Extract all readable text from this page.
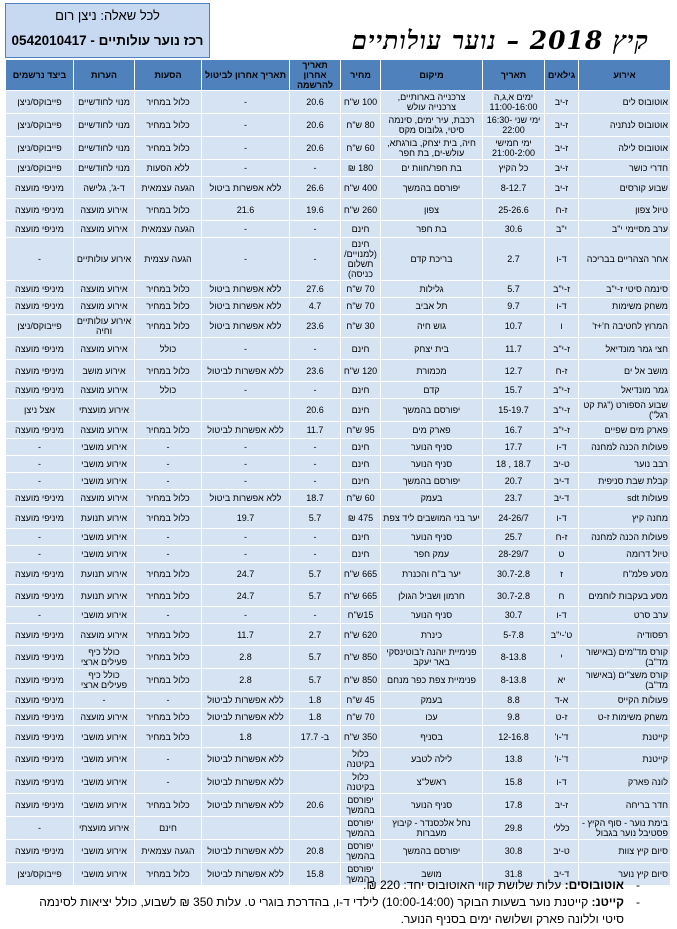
קיץ 2018 – נוער עולותיים
לכל שאלה: ניצן רום
רכז נוער עולותיים - 0542010417
אירוע	גילאים	תאריך	מיקום	מחיר	תאריך אחרון להרשמה	תאריך אחרון לביטול	הסעות	הערות	ביצד נרשמים
אוטובוס לים	ז-יב	ימים א,ג,ה 11:00-16:00	צרכנייה בארותיים, צרכנייה עולש	100 ש"ח	20.6	-	כלול במחיר	מנוי לחודשיים	פייבוקס/ניצן
אוטובוס לנתניה	ז-יב	ימי שני 16:30-22:00	רכבת, עיר ימים, סינמה סיטי, גלובוס מקס	80 ש"ח	20.6	-	כלול במחיר	מנוי לחודשיים	פייבוקס/ניצן
אוטובוס לילה	ז-יב	ימי חמישי 21:00-2:00	חיה, בית יצחק, בורגתא, עולש-ים, בת חפר	60 ש"ח	20.6	-	כלול במחיר	מנוי לחודשיים	פייבוקס/ניצן
חדרי כושר	ז-יב	כל הקיץ	בת חפר/חוות ים	180 ₪	-	-	ללא הסעות	מנוי לחודשיים	פייבוקס/ניצן
שבוע קורסים	ז-יב	8-12.7	יפורסם בהמשך	400 ש"ח	26.6	ללא אפשרות ביטול	הגעה עצמאית	ד-ג', גלישה	מיניפי מועצה
טיול צפון	ז-ח	25-26.6	צפון	260 ש"ח	19.6	21.6	כלול במחיר	אירוע מועצה	מיניפי מועצה
ערב מסיימי י"ב	י"ב	30.6	בת חפר	חינם	-	-	הגעה עצמאית	אירוע מועצה	מיניפי מועצה
אחר הצהריים בבריכה	ד-ו	2.7	בריכת קדם	חינם (למנויים/ תשלום כניסה)	-	-	הגעה עצמית	אירוע עולותיים	-
סינמה סיטי ז-י"ב	ז-י"ב	5.7	גלילות	70 ש"ח	27.6	ללא אפשרות ביטול	כלול במחיר	אירוע מועצה	מיניפי מועצה
משחק משימות	ד-ו	9.7	תל אביב	70 ש"ח	4.7	ללא אפשרות ביטול	כלול במחיר	אירוע מועצה	מיניפי מועצה
המרוץ לחטיבה ח'+ז'	ו	10.7	גוש חיה	30 ש"ח	23.6	ללא אפשרות ביטול	כלול במחיר	אירוע עולותיים וחיה	פייבוקס/ניצן
חצי גמר מונדיאל	ז-י"ב	11.7	בית יצחק	חינם	-	-	כולל	אירוע מועצה	מיניפי מועצה
מושב אל ים	ז-ח	12.7	מכמורת	120 ש"ח	23.6	ללא אפשרות לביטול	כלול במחיר	אירוע מושב	מיניפי מועצה
גמר מונדיאל	ז-י"ב	15.7	קדם	חינם	-	-	כולל	אירוע מועצה	מיניפי מועצה
שבוע הספורט ("גת קט רגל")	ז-י"ב	15-19.7	יפורסם בהמשך	חינם	20.6			אירוע מועצתי	אצל ניצן
פארק מים שפיים	ז-י"ב	16.7	פארק מים	95 ש"ח	11.7	ללא אפשרות לביטול	כלול במחיר	אירוע מועצה	מיניפי מועצה
פעולות הכנה למחנה	ד-ו	17.7	סניף הנוער	חינם	-	-	-	אירוע מושבי	-
רבב נוער	ט-יב	18.7 , 18	סניף הנוער	חינם	-	-	-	אירוע מושבי	-
קבלת שבת סניפית	ד-יב	20.7	יפורסם בהמשך	חינם	-	-	-	אירוע מושבי	-
פעולות sdt	ד-יב	23.7	בעמק	60 ש"ח	18.7	ללא אפשרות ביטול	כלול במחיר	אירוע מועצה	מיניפי מועצה
מחנה קיץ	ד-ו	24-26/7	יער בני המושבים ליד צפת	475 ₪	5.7	19.7	כלול במחיר	אירוע תנועת	מיניפי מועצה
פעולות הכנה למחנה	ז-ח	25.7	סניף הנוער	חינם	-	-	-	אירוע מושבי	-
טיול דרומה	ט	28-29/7	עמק חפר	חינם	-	-	-	אירוע מושבי	-
מסע פלמ"ח	ז	30.7-2.8	יער ב"ח והכנרת	665 ש"ח	5.7	24.7	כלול במחיר	אירוע תנועת	מיניפי מועצה
מסע בעקבות לוחמים	ח	30.7-2.8	חרמון ושביל הגולן	665 ש"ח	5.7	24.7	כלול במחיר	אירוע תנועת	מיניפי מועצה
ערב סרט	ד-ו	30.7	סניף הנוער	15ש"ח	-	-	-	אירוע מושבי	-
רפסודיה	ט'-י"ב	5-7.8	כינרת	620 ש"ח	2.7	11.7	כלול במחיר	אירוע מועצה	מיניפי מועצה
קורס מד"מים (באישור מד"ב)	י	8-13.8	פנימיית יוהנה ז'בוטינסקי באר יעקב	850 ש"ח	5.7	2.8	כלול במחיר	כולל כיף פעילים ארצי	מיניפי מועצה
קורס משצ"ים (באישור מד"ב)	יא	8-13.8	פנימיית צפת כפר מנחם	850 ש"ח	5.7	2.8	כלול במחיר	כולל כיף פעילים ארצי	מיניפי מועצה
פעולות הקייס	א-ד	8.8	בעמק	45 ש"ח	1.8	ללא אפשרות לביטול	-	-	מיניפי מועצה
משחק משימות ז-ט	ז-ט	9.8	עכו	70 ש"ח	1.8	ללא אפשרות לביטול	כלול במחיר	אירוע מועצה	מיניפי מועצה
קייטנת	ד'-ו'	12-16.8	בסניף	350 ש"ח	ב- 17.7	1.8	כלול במחיר	אירוע מושבי	מיניפי מועצה
קייטנת	ד'-ו'	13.8	לילה לטבע	כלול בקיטנה		ללא אפשרות לביטול	-	אירוע מושבי	מיניפי מועצה
לונה פארק	ד-ו	15.8	ראשל"צ	כלול בקיטנה		ללא אפשרות לביטול	-	אירוע מושבי	מיניפי מועצה
חדר בריחה	ז-יב	17.8	סניף הנוער	יפורסם בהמשך	20.6	ללא אפשרות לביטול	כלול במחיר	אירוע מושבי	מיניפי מועצה
בימת נוער - סוף הקיץ - פסטיבל נוער בגבול	כללי	29.8	נחל אלכסנדר - קיבוץ מעברות	יפורסם בהמשך			חינם	אירוע מועצתי	-
סיום קיץ צוות	ט-יב	30.8	יפורסם בהמשך	יפורסם בהמשך	20.8	ללא אפשרות לביטול	הגעה עצמאית	אירוע מושבי	מיניפי מועצה
סיום קיץ נוער	ד-יב	31.8	מושב	יפורסם בהמשך	15.8	ללא אפשרות לביטול	כלול במחיר	אירוע מושבי	פייבוקס/ניצן
- אוטובוסים: עלות שלושת קווי האוטובוס יחד: 220 ₪.
- קייטנ: קייטנת נוער בשעות הבוקר (10:00-14:00) לילדי ד-ו, בהדרכת בוגרי ט. עלות 350 ₪ לשבוע, כולל יציאות לסינמה סיטי וללונה פארק ושלושה ימים בסניף הנוער.
